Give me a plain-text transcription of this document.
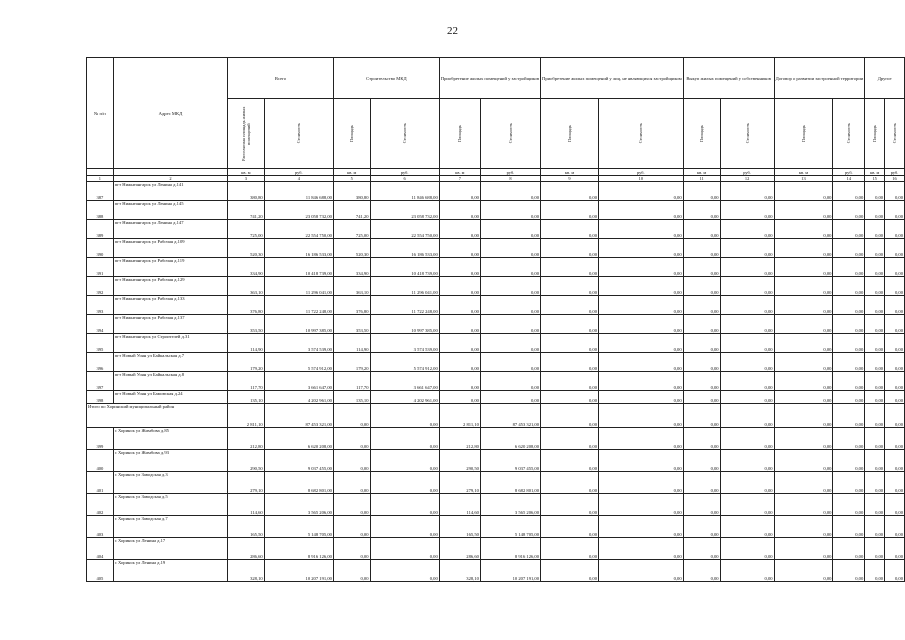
22
№ п/п	Адрес МКД	Всего		Строительство МКД		Приобретение жилых помещений у застройщиков		Приобретение жилых помещений у лиц, не являющихся застройщиком		Выкуп жилых помещений у собственников		Договор о развитии застроенной территории		Другое	

		Расселяемая площадь жилых помещений	Стоимость	Площадь	Стоимость	Площадь	Стоимость	Площадь	Стоимость	Площадь	Стоимость	Площадь	Стоимость	Площадь	Стоимость

		кв. м	руб.	кв. м	руб.	кв. м	руб.	кв. м	руб.	кв. м	руб.	кв. м	руб.	кв. м	руб.
1	2	3	4	5	6	7	8	9	10	11	12	13	14	15	16
387	пгт Нижнеангарск ул Ленина д.141	380,80	11 846 688,00	380,80	11 846 688,00	0,00	0,00	0,00	0,00	0,00	0,00	0,00	0,00	0,00	0,00
388	пгт Нижнеангарск ул Ленина д.145	741,20	23 058 732,00	741,20	23 058 732,00	0,00	0,00	0,00	0,00	0,00	0,00	0,00	0,00	0,00	0,00
389	пгт Нижнеангарск ул Ленина д.147	725,00	22 554 750,00	725,00	22 554 750,00	0,00	0,00	0,00	0,00	0,00	0,00	0,00	0,00	0,00	0,00
390	пгт Нижнеангарск ул Рабочая д.109	520,30	16 186 533,00	520,30	16 186 533,00	0,00	0,00	0,00	0,00	0,00	0,00	0,00	0,00	0,00	0,00
391	пгт Нижнеангарск ул Рабочая д.119	334,90	10 418 739,00	334,90	10 418 739,00	0,00	0,00	0,00	0,00	0,00	0,00	0,00	0,00	0,00	0,00
392	пгт Нижнеангарск ул Рабочая д.129	363,10	11 296 041,00	363,10	11 296 041,00	0,00	0,00	0,00	0,00	0,00	0,00	0,00	0,00	0,00	0,00
393	пгт Нижнеангарск ул Рабочая д.133	376,80	11 722 248,00	376,80	11 722 248,00	0,00	0,00	0,00	0,00	0,00	0,00	0,00	0,00	0,00	0,00
394	пгт Нижнеангарск ул Рабочая д.137	353,50	10 997 385,00	353,50	10 997 385,00	0,00	0,00	0,00	0,00	0,00	0,00	0,00	0,00	0,00	0,00
395	пгт Нижнеангарск ул Строителей д.31	114,90	3 574 539,00	114,90	3 574 539,00	0,00	0,00	0,00	0,00	0,00	0,00	0,00	0,00	0,00	0,00
396	пгт Новый Уоян ул Байкальская д.7	179,20	5 574 912,00	179,20	5 574 912,00	0,00	0,00	0,00	0,00	0,00	0,00	0,00	0,00	0,00	0,00
397	пгт Новый Уоян ул Байкальская д.8	117,70	3 661 647,00	117,70	3 661 647,00	0,00	0,00	0,00	0,00	0,00	0,00	0,00	0,00	0,00	0,00
398	пгт Новый Уоян ул Бамовская д.24	135,10	4 202 961,00	135,10	4 202 961,00	0,00	0,00	0,00	0,00	0,00	0,00	0,00	0,00	0,00	0,00
Итого по Хоринский муниципальный район		2 811,10	87 453 321,00	0,00	0,00	2 811,10	87 453 321,00	0,00	0,00	0,00	0,00	0,00	0,00	0,00	0,00
399	с Хоринск ул Жимбова д.85	212,80	6 620 208,00	0,00	0,00	212,80	6 620 208,00	0,00	0,00	0,00	0,00	0,00	0,00	0,00	0,00
400	с Хоринск ул Жимбова д.93	290,50	9 037 455,00	0,00	0,00	290,50	9 037 455,00	0,00	0,00	0,00	0,00	0,00	0,00	0,00	0,00
401	с Хоринск ул Заводская д.3	279,10	8 682 801,00	0,00	0,00	279,10	8 682 801,00	0,00	0,00	0,00	0,00	0,00	0,00	0,00	0,00
402	с Хоринск ул Заводская д.5	114,60	3 565 206,00	0,00	0,00	114,60	3 565 206,00	0,00	0,00	0,00	0,00	0,00	0,00	0,00	0,00
403	с Хоринск ул Заводская д.7	165,50	5 148 705,00	0,00	0,00	165,50	5 148 705,00	0,00	0,00	0,00	0,00	0,00	0,00	0,00	0,00
404	с Хоринск ул Ленина д.17	286,60	8 916 126,00	0,00	0,00	286,60	8 916 126,00	0,00	0,00	0,00	0,00	0,00	0,00	0,00	0,00
405	с Хоринск ул Ленина д.19	328,10	10 207 191,00	0,00	0,00	328,10	10 207 191,00	0,00	0,00	0,00	0,00	0,00	0,00	0,00	0,00
